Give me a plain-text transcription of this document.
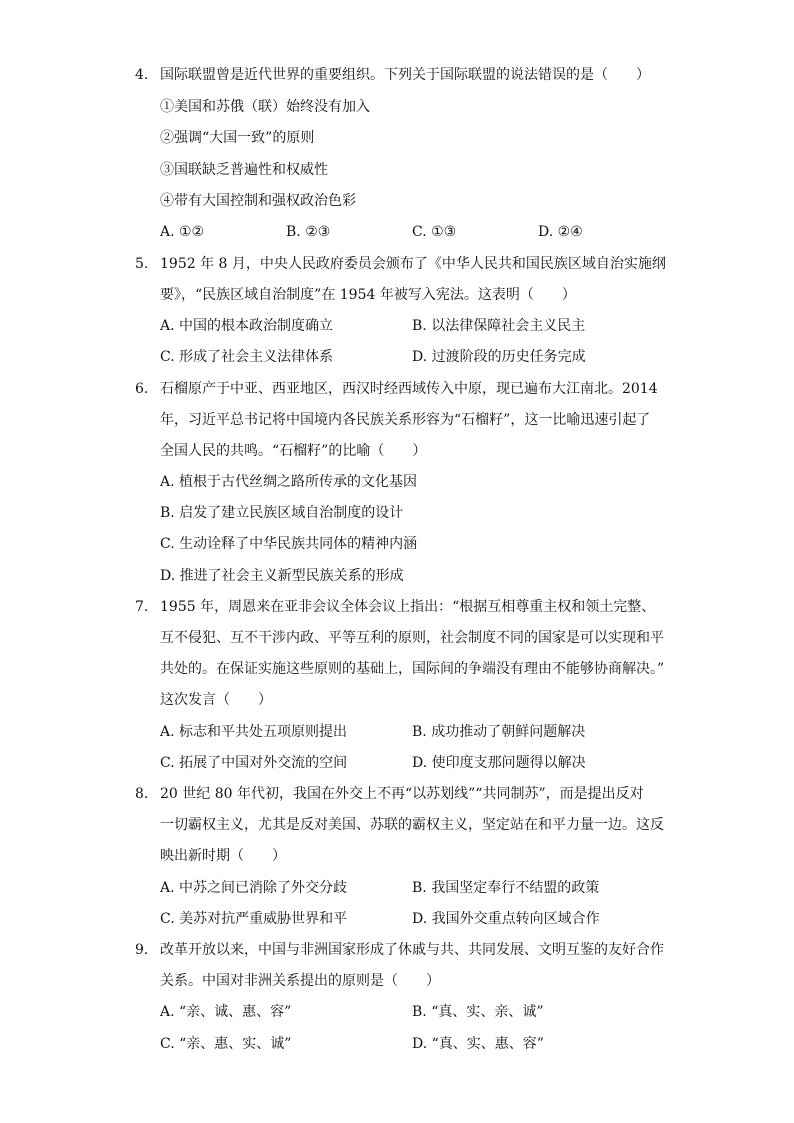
4. 国际联盟曾是近代世界的重要组织。下列关于国际联盟的说法错误的是（　　）
①美国和苏俄（联）始终没有加入
②强调“大国一致”的原则
③国联缺乏普遍性和权威性
④带有大国控制和强权政治色彩
A. ①②	B. ②③	C. ①③	D. ②④
5. 1952 年 8 月，中央人民政府委员会颁布了《中华人民共和国民族区域自治实施纲
要》，“民族区域自治制度”在 1954 年被写入宪法。这表明（　　）
A. 中国的根本政治制度确立	B. 以法律保障社会主义民主
C. 形成了社会主义法律体系	D. 过渡阶段的历史任务完成
6. 石榴原产于中亚、西亚地区，西汉时经西域传入中原，现已遍布大江南北。2014
年，习近平总书记将中国境内各民族关系形容为“石榴籽”，这一比喻迅速引起了
全国人民的共鸣。“石榴籽”的比喻（　　）
A. 植根于古代丝绸之路所传承的文化基因
B. 启发了建立民族区域自治制度的设计
C. 生动诠释了中华民族共同体的精神内涵
D. 推进了社会主义新型民族关系的形成
7. 1955 年，周恩来在亚非会议全体会议上指出：“根据互相尊重主权和领土完整、
互不侵犯、互不干涉内政、平等互利的原则，社会制度不同的国家是可以实现和平
共处的。在保证实施这些原则的基础上，国际间的争端没有理由不能够协商解决。”
这次发言（　　）
A. 标志和平共处五项原则提出	B. 成功推动了朝鲜问题解决
C. 拓展了中国对外交流的空间	D. 使印度支那问题得以解决
8. 20 世纪 80 年代初，我国在外交上不再“以苏划线”“共同制苏”，而是提出反对
一切霸权主义，尤其是反对美国、苏联的霸权主义，坚定站在和平力量一边。这反
映出新时期（　　）
A. 中苏之间已消除了外交分歧	B. 我国坚定奉行不结盟的政策
C. 美苏对抗严重威胁世界和平	D. 我国外交重点转向区域合作
9. 改革开放以来，中国与非洲国家形成了休戚与共、共同发展、文明互鉴的友好合作
关系。中国对非洲关系提出的原则是（　　）
A. “亲、诚、惠、容”	B. “真、实、亲、诚”
C. “亲、惠、实、诚”	D. “真、实、惠、容”
